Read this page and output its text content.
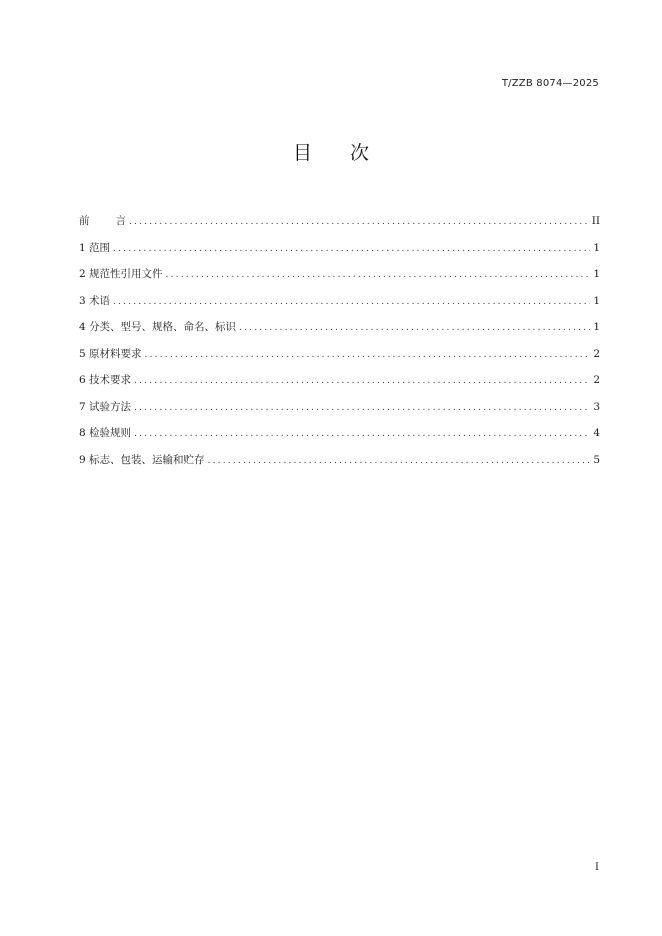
T/ZZB 8074—2025
目 次
前 言 .....	II
1 范围 .....	1
2 规范性引用文件 .....	1
3 术语 .....	1
4 分类、型号、规格、命名、标识 .....	1
5 原材料要求 .....	2
6 技术要求 .....	2
7 试验方法 .....	3
8 检验规则 .....	4
9 标志、包装、运输和贮存 .....	5
I
